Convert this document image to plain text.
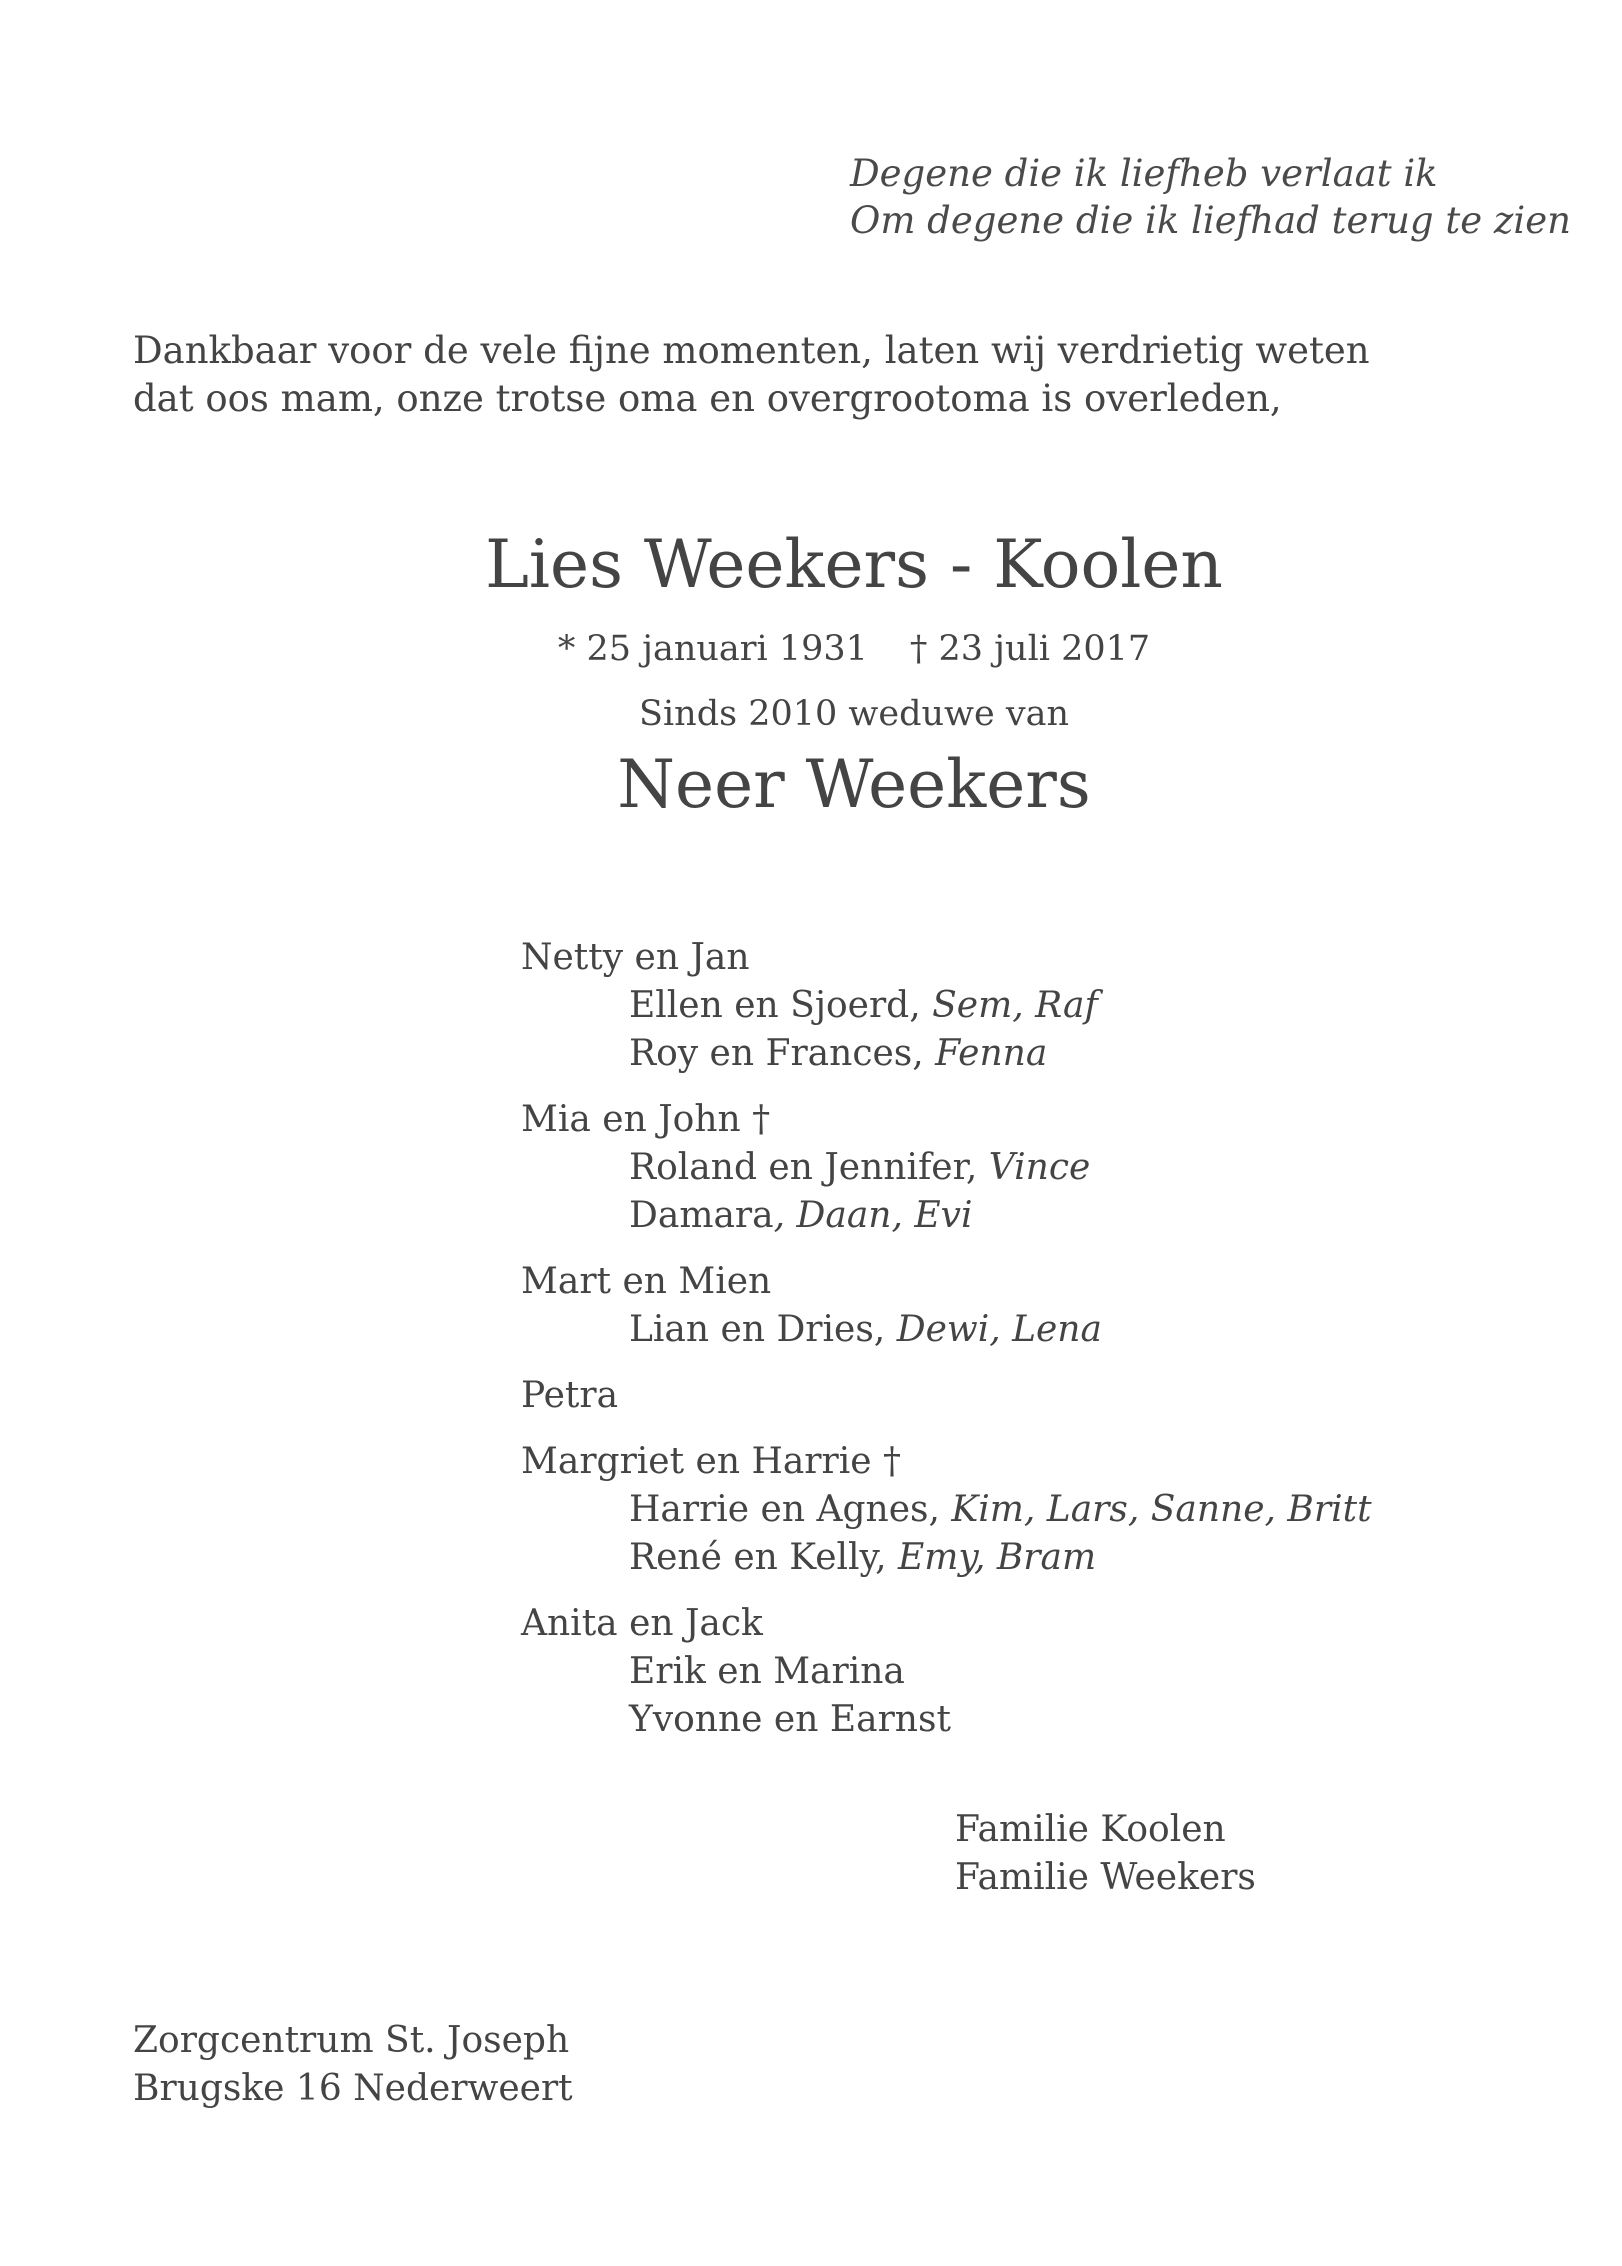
Degene die ik liefheb verlaat ik
Om degene die ik liefhad terug te zien
Dankbaar voor de vele fijne momenten, laten wij verdrietig weten
dat oos mam, onze trotse oma en overgrootoma is overleden,
Lies Weekers - Koolen
* 25 januari 1931 † 23 juli 2017
Sinds 2010 weduwe van
Neer Weekers
Netty en Jan
Ellen en Sjoerd, Sem, Raf
Roy en Frances, Fenna
Mia en John †
Roland en Jennifer, Vince
Damara, Daan, Evi
Mart en Mien
Lian en Dries, Dewi, Lena
Petra
Margriet en Harrie †
Harrie en Agnes, Kim, Lars, Sanne, Britt
René en Kelly, Emy, Bram
Anita en Jack
Erik en Marina
Yvonne en Earnst
Familie Koolen
Familie Weekers
Zorgcentrum St. Joseph
Brugske 16 Nederweert
